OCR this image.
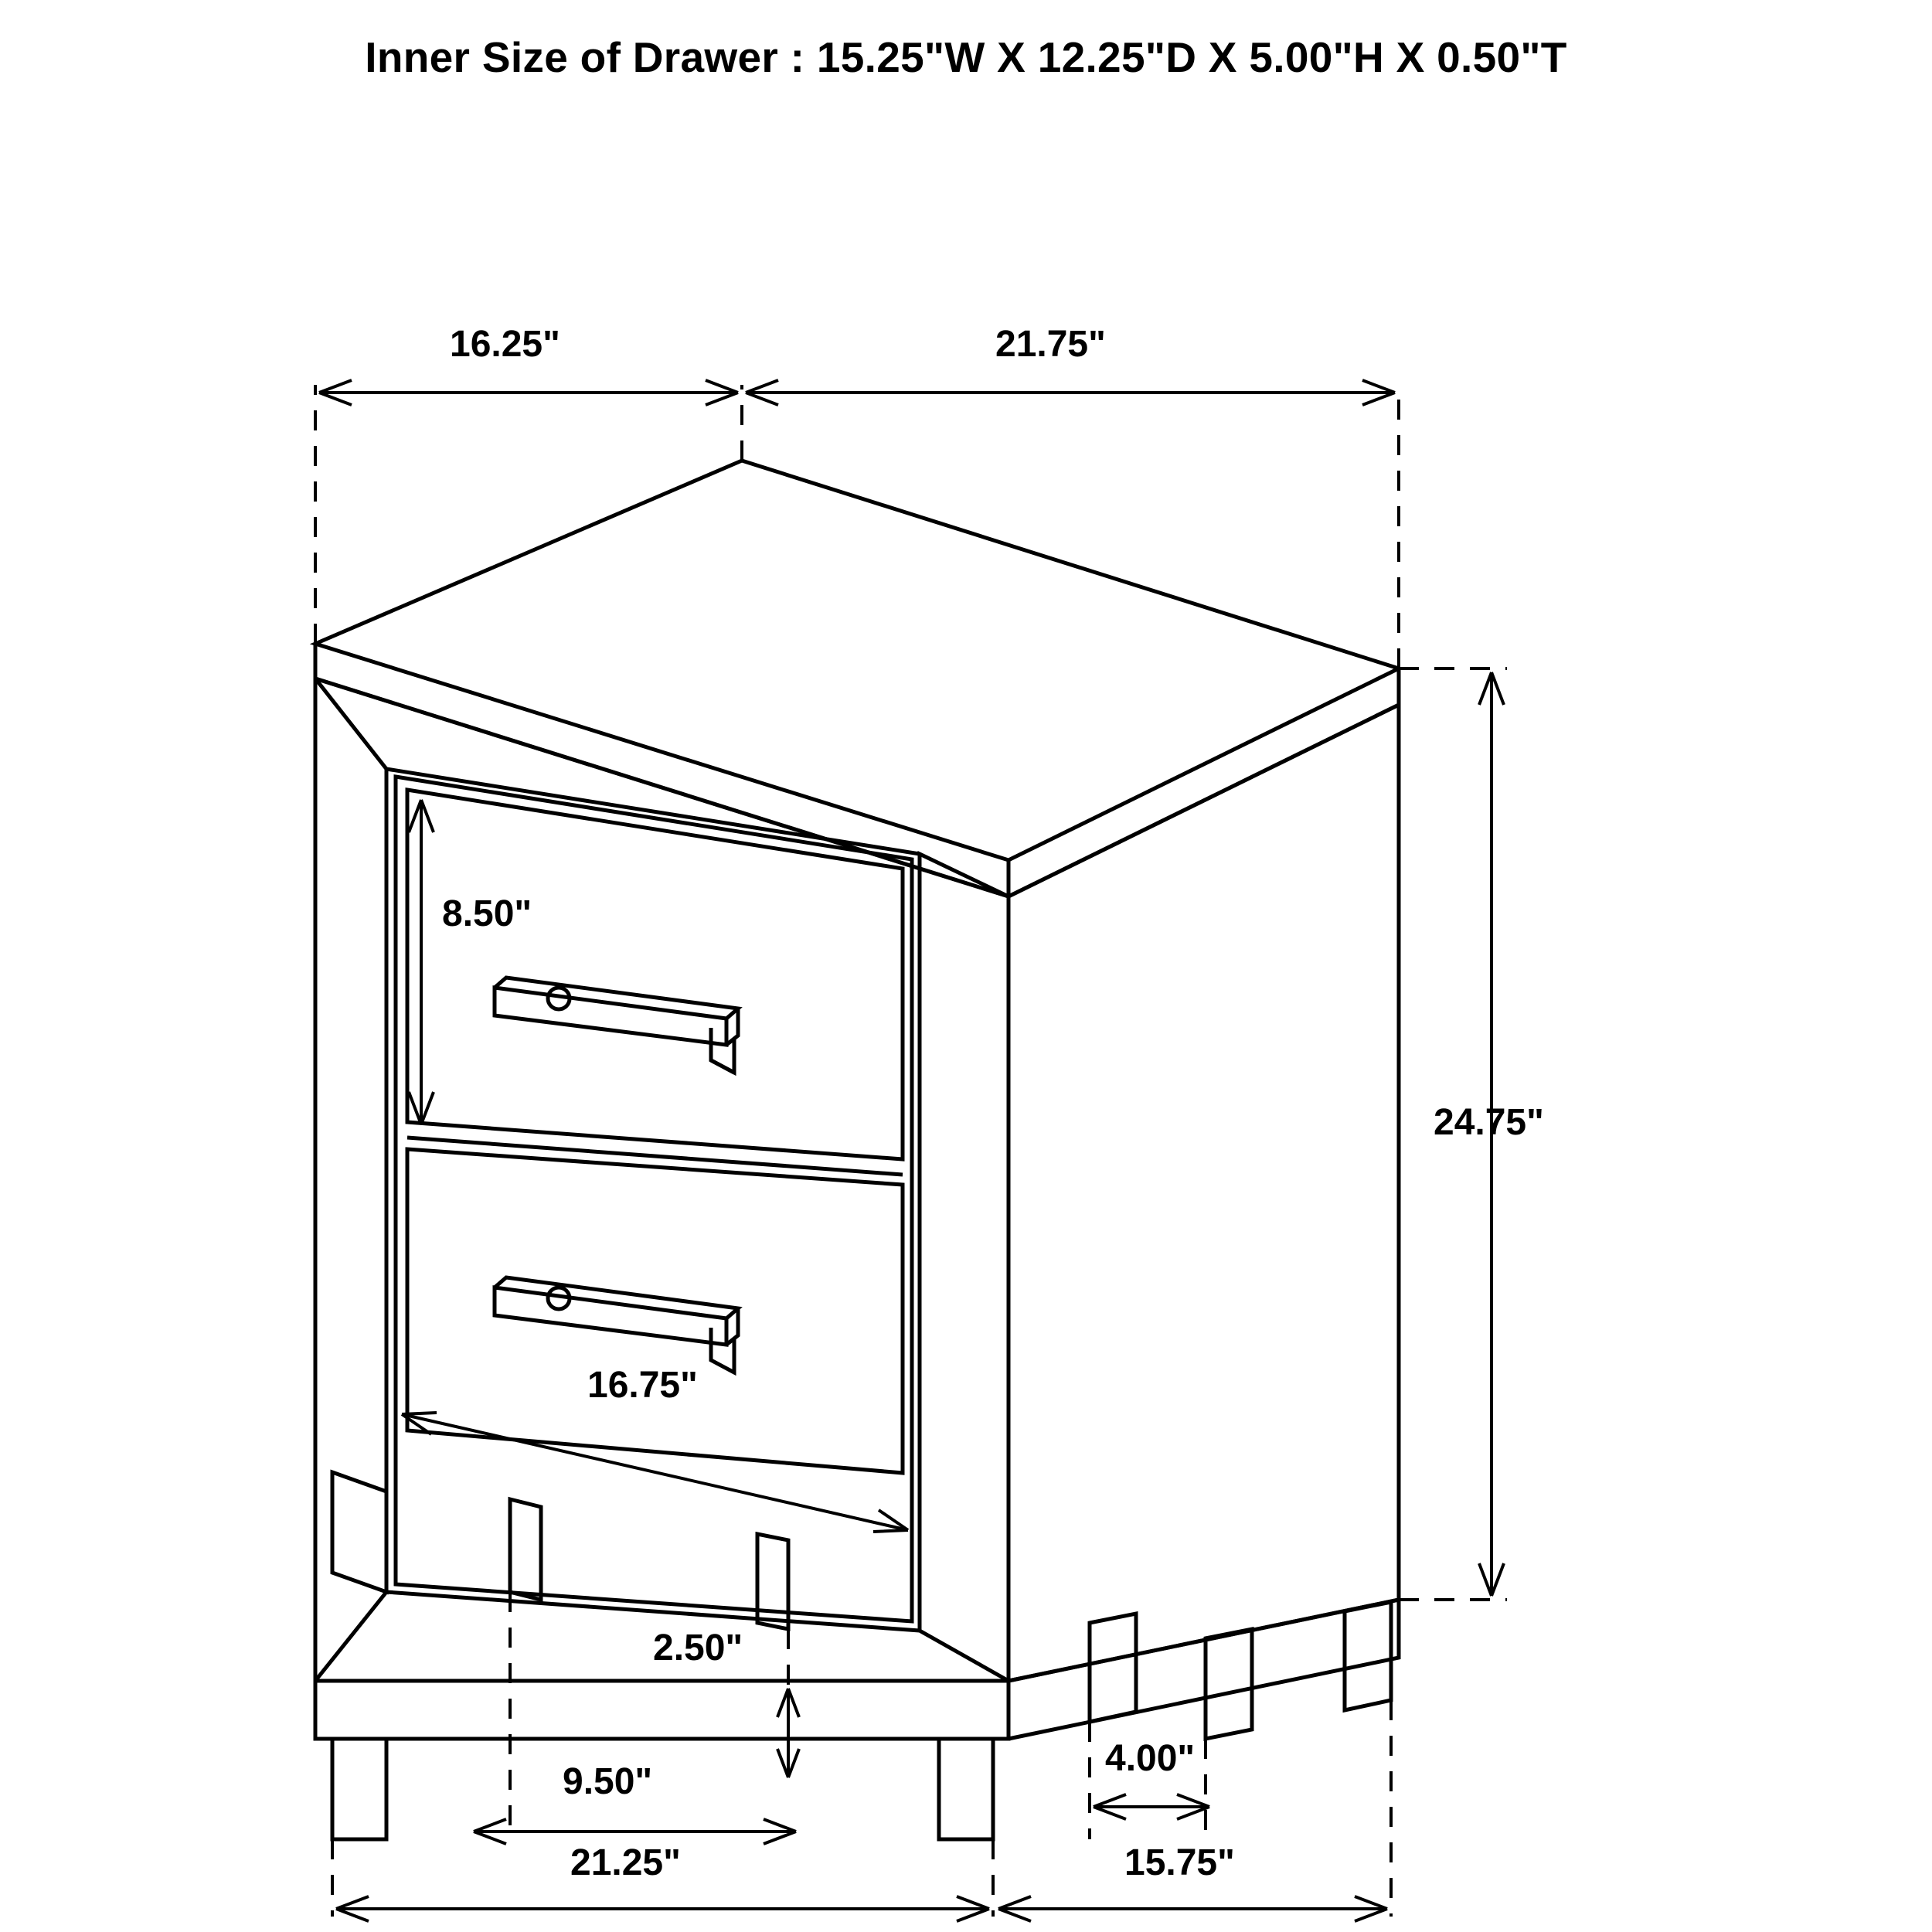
Inner Size of Drawer : 15.25"W X 12.25"D X 5.00"H X 0.50"T
16.25"	21.75"
24.75"
8.50"
16.75"
2.50"
9.50"
4.00"
21.25"	15.75"
